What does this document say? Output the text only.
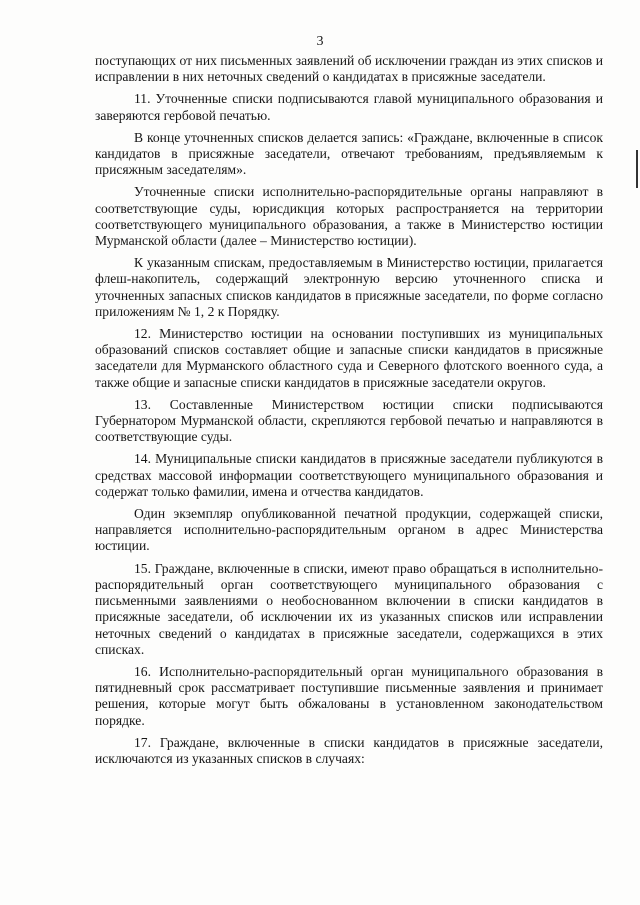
3

поступающих от них письменных заявлений об исключении граждан из этих списков и исправлении в них неточных сведений о кандидатах в присяжные заседатели.

11. Уточненные списки подписываются главой муниципального образования и заверяются гербовой печатью.

В конце уточненных списков делается запись: «Граждане, включенные в список кандидатов в присяжные заседатели, отвечают требованиям, предъявляемым к присяжным заседателям».

Уточненные списки исполнительно-распорядительные органы направляют в соответствующие суды, юрисдикция которых распространяется на территории соответствующего муниципального образования, а также в Министерство юстиции Мурманской области (далее – Министерство юстиции).

К указанным спискам, предоставляемым в Министерство юстиции, прилагается флеш-накопитель, содержащий электронную версию уточненного списка и уточненных запасных списков кандидатов в присяжные заседатели, по форме согласно приложениям № 1, 2 к Порядку.

12. Министерство юстиции на основании поступивших из муниципальных образований списков составляет общие и запасные списки кандидатов в присяжные заседатели для Мурманского областного суда и Северного флотского военного суда, а также общие и запасные списки кандидатов в присяжные заседатели округов.

13. Составленные Министерством юстиции списки подписываются Губернатором Мурманской области, скрепляются гербовой печатью и направляются в соответствующие суды.

14. Муниципальные списки кандидатов в присяжные заседатели публикуются в средствах массовой информации соответствующего муниципального образования и содержат только фамилии, имена и отчества кандидатов.

Один экземпляр опубликованной печатной продукции, содержащей списки, направляется исполнительно-распорядительным органом в адрес Министерства юстиции.

15. Граждане, включенные в списки, имеют право обращаться в исполнительно-распорядительный орган соответствующего муниципального образования с письменными заявлениями о необоснованном включении в списки кандидатов в присяжные заседатели, об исключении их из указанных списков или исправлении неточных сведений о кандидатах в присяжные заседатели, содержащихся в этих списках.

16. Исполнительно-распорядительный орган муниципального образования в пятидневный срок рассматривает поступившие письменные заявления и принимает решения, которые могут быть обжалованы в установленном законодательством порядке.

17. Граждане, включенные в списки кандидатов в присяжные заседатели, исключаются из указанных списков в случаях:
